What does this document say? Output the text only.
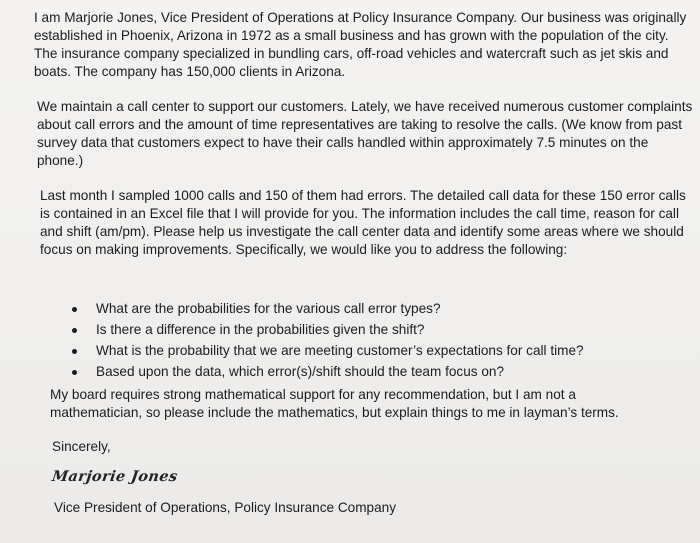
I am Marjorie Jones, Vice President of Operations at Policy Insurance Company. Our business was originally established in Phoenix, Arizona in 1972 as a small business and has grown with the population of the city. The insurance company specialized in bundling cars, off-road vehicles and watercraft such as jet skis and boats. The company has 150,000 clients in Arizona.

We maintain a call center to support our customers. Lately, we have received numerous customer complaints about call errors and the amount of time representatives are taking to resolve the calls. (We know from past survey data that customers expect to have their calls handled within approximately 7.5 minutes on the phone.)

Last month I sampled 1000 calls and 150 of them had errors. The detailed call data for these 150 error calls is contained in an Excel file that I will provide for you. The information includes the call time, reason for call and shift (am/pm). Please help us investigate the call center data and identify some areas where we should focus on making improvements. Specifically, we would like you to address the following:

What are the probabilities for the various call error types?
Is there a difference in the probabilities given the shift?
What is the probability that we are meeting customer’s expectations for call time?
Based upon the data, which error(s)/shift should the team focus on?

My board requires strong mathematical support for any recommendation, but I am not a mathematician, so please include the mathematics, but explain things to me in layman’s terms.

Sincerely,

Marjorie Jones

Vice President of Operations, Policy Insurance Company
